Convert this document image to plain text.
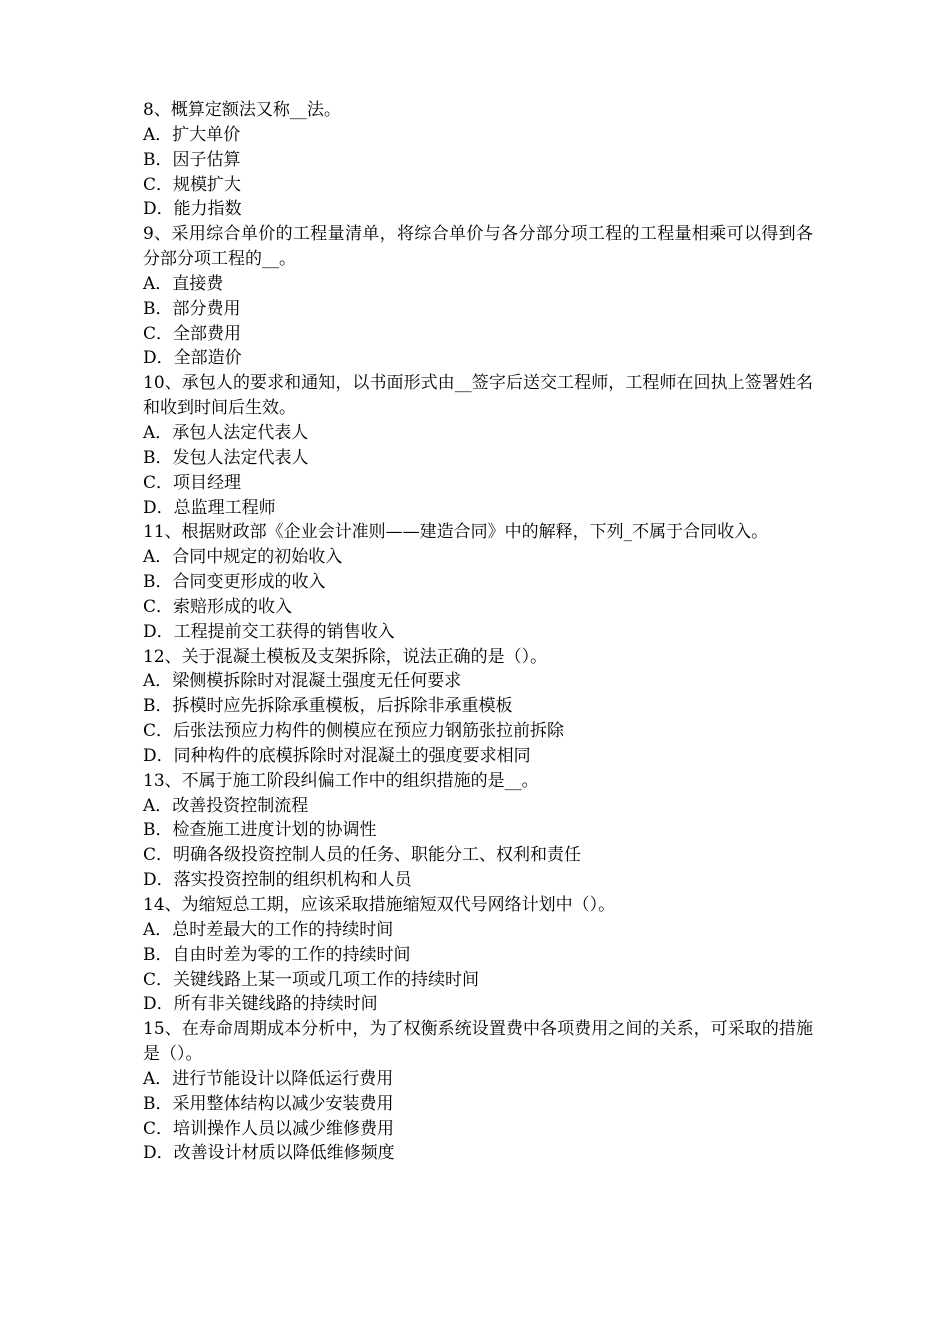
8、概算定额法又称__法。

A．扩大单价

B．因子估算

C．规模扩大

D．能力指数

9、采用综合单价的工程量清单，将综合单价与各分部分项工程的工程量相乘可以得到各分部分项工程的__。

A．直接费

B．部分费用

C．全部费用

D．全部造价

10、承包人的要求和通知，以书面形式由__签字后送交工程师，工程师在回执上签署姓名和收到时间后生效。

A．承包人法定代表人

B．发包人法定代表人

C．项目经理

D．总监理工程师

11、根据财政部《企业会计准则——建造合同》中的解释，下列_不属于合同收入。

A．合同中规定的初始收入

B．合同变更形成的收入

C．索赔形成的收入

D．工程提前交工获得的销售收入

12、关于混凝土模板及支架拆除，说法正确的是（）。

A．梁侧模拆除时对混凝土强度无任何要求

B．拆模时应先拆除承重模板，后拆除非承重模板

C．后张法预应力构件的侧模应在预应力钢筋张拉前拆除

D．同种构件的底模拆除时对混凝土的强度要求相同

13、不属于施工阶段纠偏工作中的组织措施的是__。

A．改善投资控制流程

B．检查施工进度计划的协调性

C．明确各级投资控制人员的任务、职能分工、权利和责任

D．落实投资控制的组织机构和人员

14、为缩短总工期，应该采取措施缩短双代号网络计划中（）。

A．总时差最大的工作的持续时间

B．自由时差为零的工作的持续时间

C．关键线路上某一项或几项工作的持续时间

D．所有非关键线路的持续时间

15、在寿命周期成本分析中，为了权衡系统设置费中各项费用之间的关系，可采取的措施是（）。

A．进行节能设计以降低运行费用

B．采用整体结构以减少安装费用

C．培训操作人员以减少维修费用

D．改善设计材质以降低维修频度
